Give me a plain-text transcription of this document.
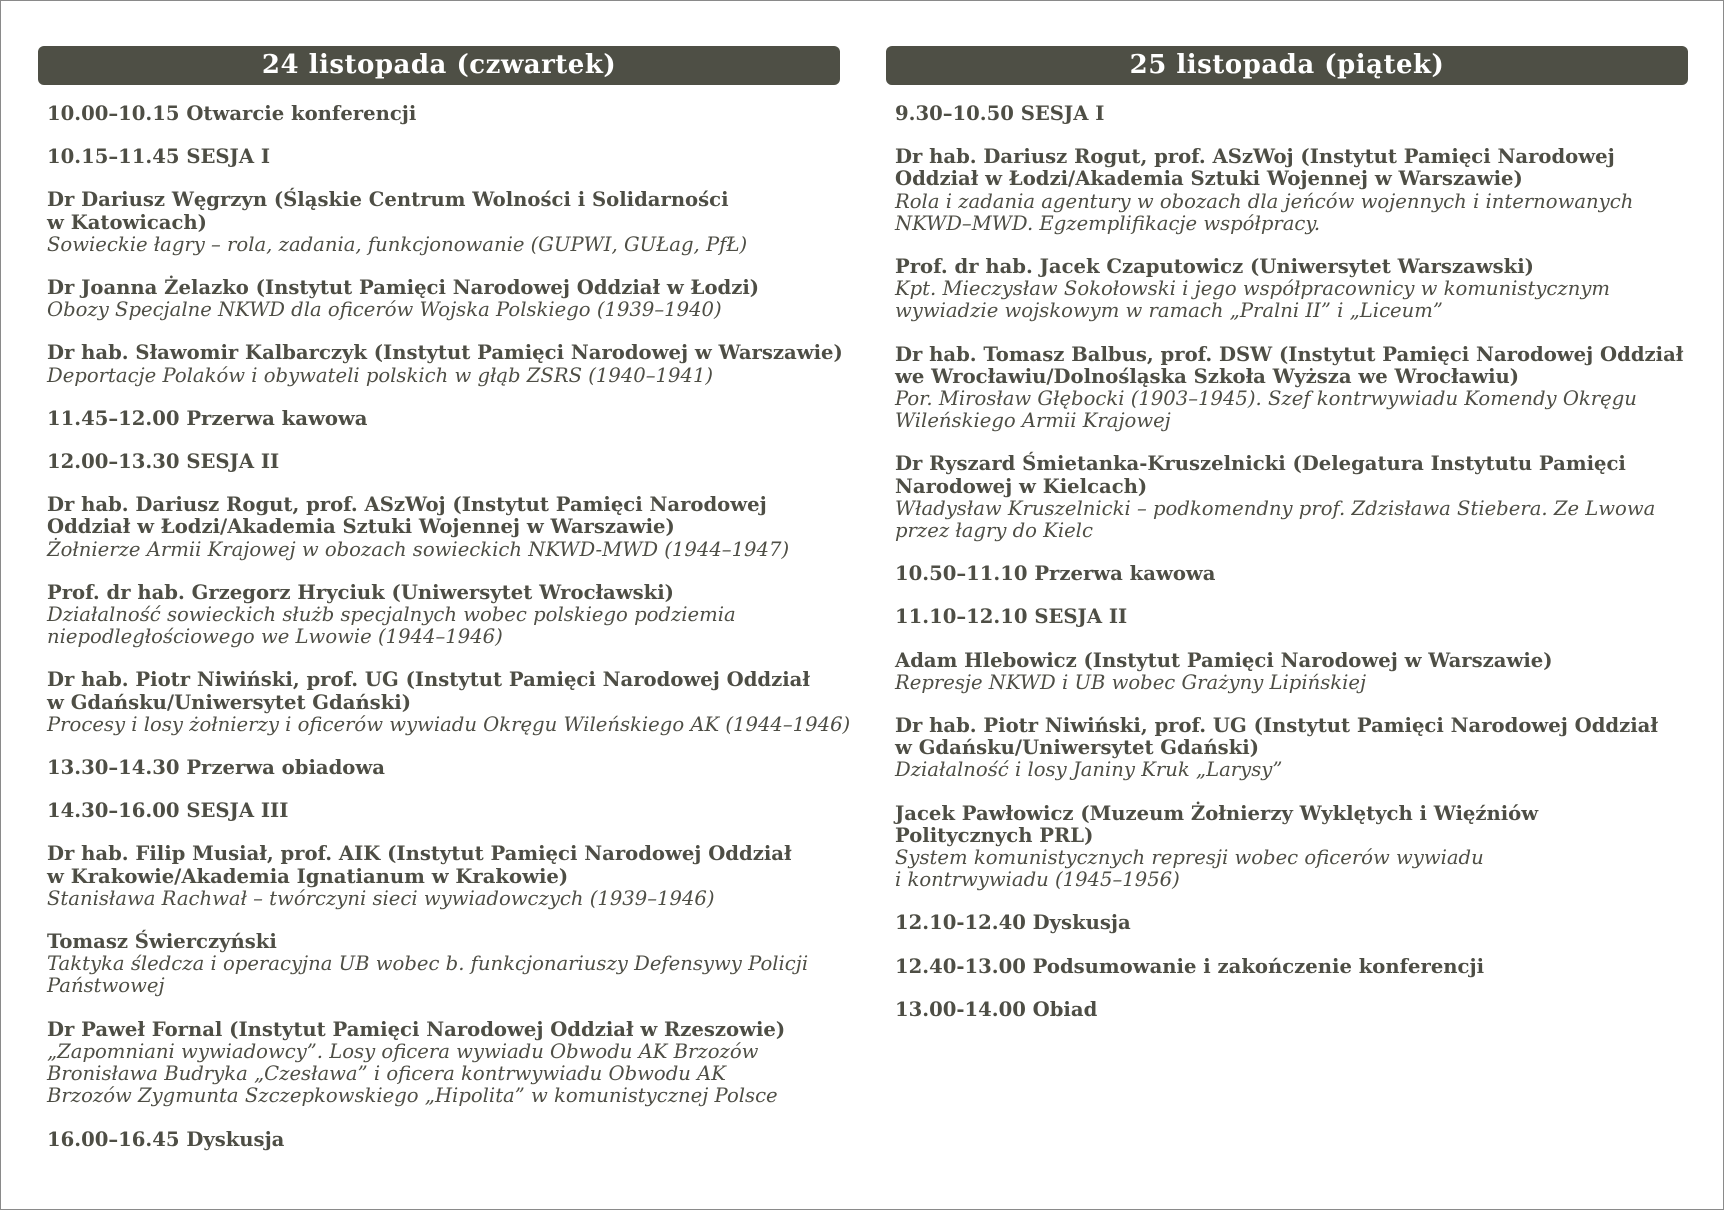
24 listopada (czwartek)
10.00–10.15 Otwarcie konferencji
10.15–11.45 SESJA I
Dr Dariusz Węgrzyn (Śląskie Centrum Wolności i Solidarności
w Katowicach)
Sowieckie łagry – rola, zadania, funkcjonowanie (GUPWI, GUŁag, PfŁ)
Dr Joanna Żelazko (Instytut Pamięci Narodowej Oddział w Łodzi)
Obozy Specjalne NKWD dla oficerów Wojska Polskiego (1939–1940)
Dr hab. Sławomir Kalbarczyk (Instytut Pamięci Narodowej w Warszawie)
Deportacje Polaków i obywateli polskich w głąb ZSRS (1940–1941)
11.45–12.00 Przerwa kawowa
12.00–13.30 SESJA II
Dr hab. Dariusz Rogut, prof. ASzWoj (Instytut Pamięci Narodowej
Oddział w Łodzi/Akademia Sztuki Wojennej w Warszawie)
Żołnierze Armii Krajowej w obozach sowieckich NKWD-MWD (1944–1947)
Prof. dr hab. Grzegorz Hryciuk (Uniwersytet Wrocławski)
Działalność sowieckich służb specjalnych wobec polskiego podziemia
niepodległościowego we Lwowie (1944–1946)
Dr hab. Piotr Niwiński, prof. UG (Instytut Pamięci Narodowej Oddział
w Gdańsku/Uniwersytet Gdański)
Procesy i losy żołnierzy i oficerów wywiadu Okręgu Wileńskiego AK (1944–1946)
13.30–14.30 Przerwa obiadowa
14.30–16.00 SESJA III
Dr hab. Filip Musiał, prof. AIK (Instytut Pamięci Narodowej Oddział
w Krakowie/Akademia Ignatianum w Krakowie)
Stanisława Rachwał – twórczyni sieci wywiadowczych (1939–1946)
Tomasz Świerczyński
Taktyka śledcza i operacyjna UB wobec b. funkcjonariuszy Defensywy Policji
Państwowej
Dr Paweł Fornal (Instytut Pamięci Narodowej Oddział w Rzeszowie)
„Zapomniani wywiadowcy”. Losy oficera wywiadu Obwodu AK Brzozów
Bronisława Budryka „Czesława” i oficera kontrwywiadu Obwodu AK
Brzozów Zygmunta Szczepkowskiego „Hipolita” w komunistycznej Polsce
16.00–16.45 Dyskusja
25 listopada (piątek)
9.30–10.50 SESJA I
Dr hab. Dariusz Rogut, prof. ASzWoj (Instytut Pamięci Narodowej
Oddział w Łodzi/Akademia Sztuki Wojennej w Warszawie)
Rola i zadania agentury w obozach dla jeńców wojennych i internowanych
NKWD–MWD. Egzemplifikacje współpracy.
Prof. dr hab. Jacek Czaputowicz (Uniwersytet Warszawski)
Kpt. Mieczysław Sokołowski i jego współpracownicy w komunistycznym
wywiadzie wojskowym w ramach „Pralni II” i „Liceum”
Dr hab. Tomasz Balbus, prof. DSW (Instytut Pamięci Narodowej Oddział
we Wrocławiu/Dolnośląska Szkoła Wyższa we Wrocławiu)
Por. Mirosław Głębocki (1903–1945). Szef kontrwywiadu Komendy Okręgu
Wileńskiego Armii Krajowej
Dr Ryszard Śmietanka-Kruszelnicki (Delegatura Instytutu Pamięci
Narodowej w Kielcach)
Władysław Kruszelnicki – podkomendny prof. Zdzisława Stiebera. Ze Lwowa
przez łagry do Kielc
10.50–11.10 Przerwa kawowa
11.10–12.10 SESJA II
Adam Hlebowicz (Instytut Pamięci Narodowej w Warszawie)
Represje NKWD i UB wobec Grażyny Lipińskiej
Dr hab. Piotr Niwiński, prof. UG (Instytut Pamięci Narodowej Oddział
w Gdańsku/Uniwersytet Gdański)
Działalność i losy Janiny Kruk „Larysy”
Jacek Pawłowicz (Muzeum Żołnierzy Wyklętych i Więźniów
Politycznych PRL)
System komunistycznych represji wobec oficerów wywiadu
i kontrwywiadu (1945–1956)
12.10-12.40 Dyskusja
12.40-13.00 Podsumowanie i zakończenie konferencji
13.00-14.00 Obiad
